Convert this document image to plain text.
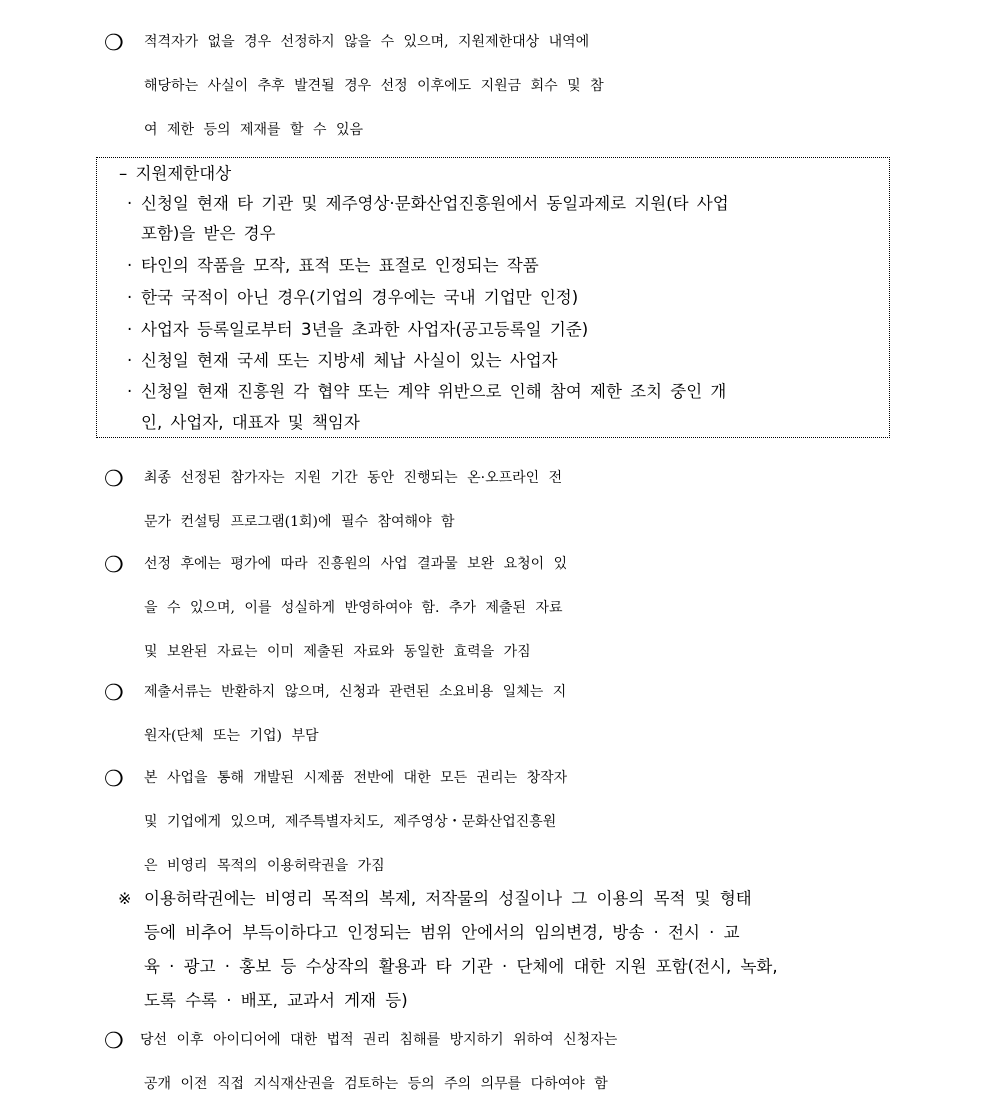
❍	적격자가 없을 경우 선정하지 않을 수 있으며, 지원제한대상 내역에
해당하는 사실이 추후 발견될 경우 선정 이후에도 지원금 회수 및 참
여 제한 등의 제재를 할 수 있음
– 지원제한대상
· 신청일 현재 타 기관 및 제주영상·문화산업진흥원에서 동일과제로 지원(타 사업
포함)을 받은 경우
· 타인의 작품을 모작, 표적 또는 표절로 인정되는 작품
· 한국 국적이 아닌 경우(기업의 경우에는 국내 기업만 인정)
· 사업자 등록일로부터 3년을 초과한 사업자(공고등록일 기준)
· 신청일 현재 국세 또는 지방세 체납 사실이 있는 사업자
· 신청일 현재 진흥원 각 협약 또는 계약 위반으로 인해 참여 제한 조치 중인 개
인, 사업자, 대표자 및 책임자
❍	최종 선정된 참가자는 지원 기간 동안 진행되는 온·오프라인 전
문가 컨설팅 프로그램(1회)에 필수 참여해야 함
❍	선정 후에는 평가에 따라 진흥원의 사업 결과물 보완 요청이 있
을 수 있으며, 이를 성실하게 반영하여야 함. 추가 제출된 자료
및 보완된 자료는 이미 제출된 자료와 동일한 효력을 가짐
❍	제출서류는 반환하지 않으며, 신청과 관련된 소요비용 일체는 지
원자(단체 또는 기업) 부담
❍	본 사업을 통해 개발된 시제품 전반에 대한 모든 권리는 창작자
및 기업에게 있으며, 제주특별자치도, 제주영상・문화산업진흥원
은 비영리 목적의 이용허락권을 가짐
※ 이용허락권에는 비영리 목적의 복제, 저작물의 성질이나 그 이용의 목적 및 형태
등에 비추어 부득이하다고 인정되는 범위 안에서의 임의변경, 방송 · 전시 · 교
육 · 광고 · 홍보 등 수상작의 활용과 타 기관 · 단체에 대한 지원 포함(전시, 녹화,
도록 수록 · 배포, 교과서 게재 등)
❍	당선 이후 아이디어에 대한 법적 권리 침해를 방지하기 위하여 신청자는
공개 이전 직접 지식재산권을 검토하는 등의 주의 의무를 다하여야 함
